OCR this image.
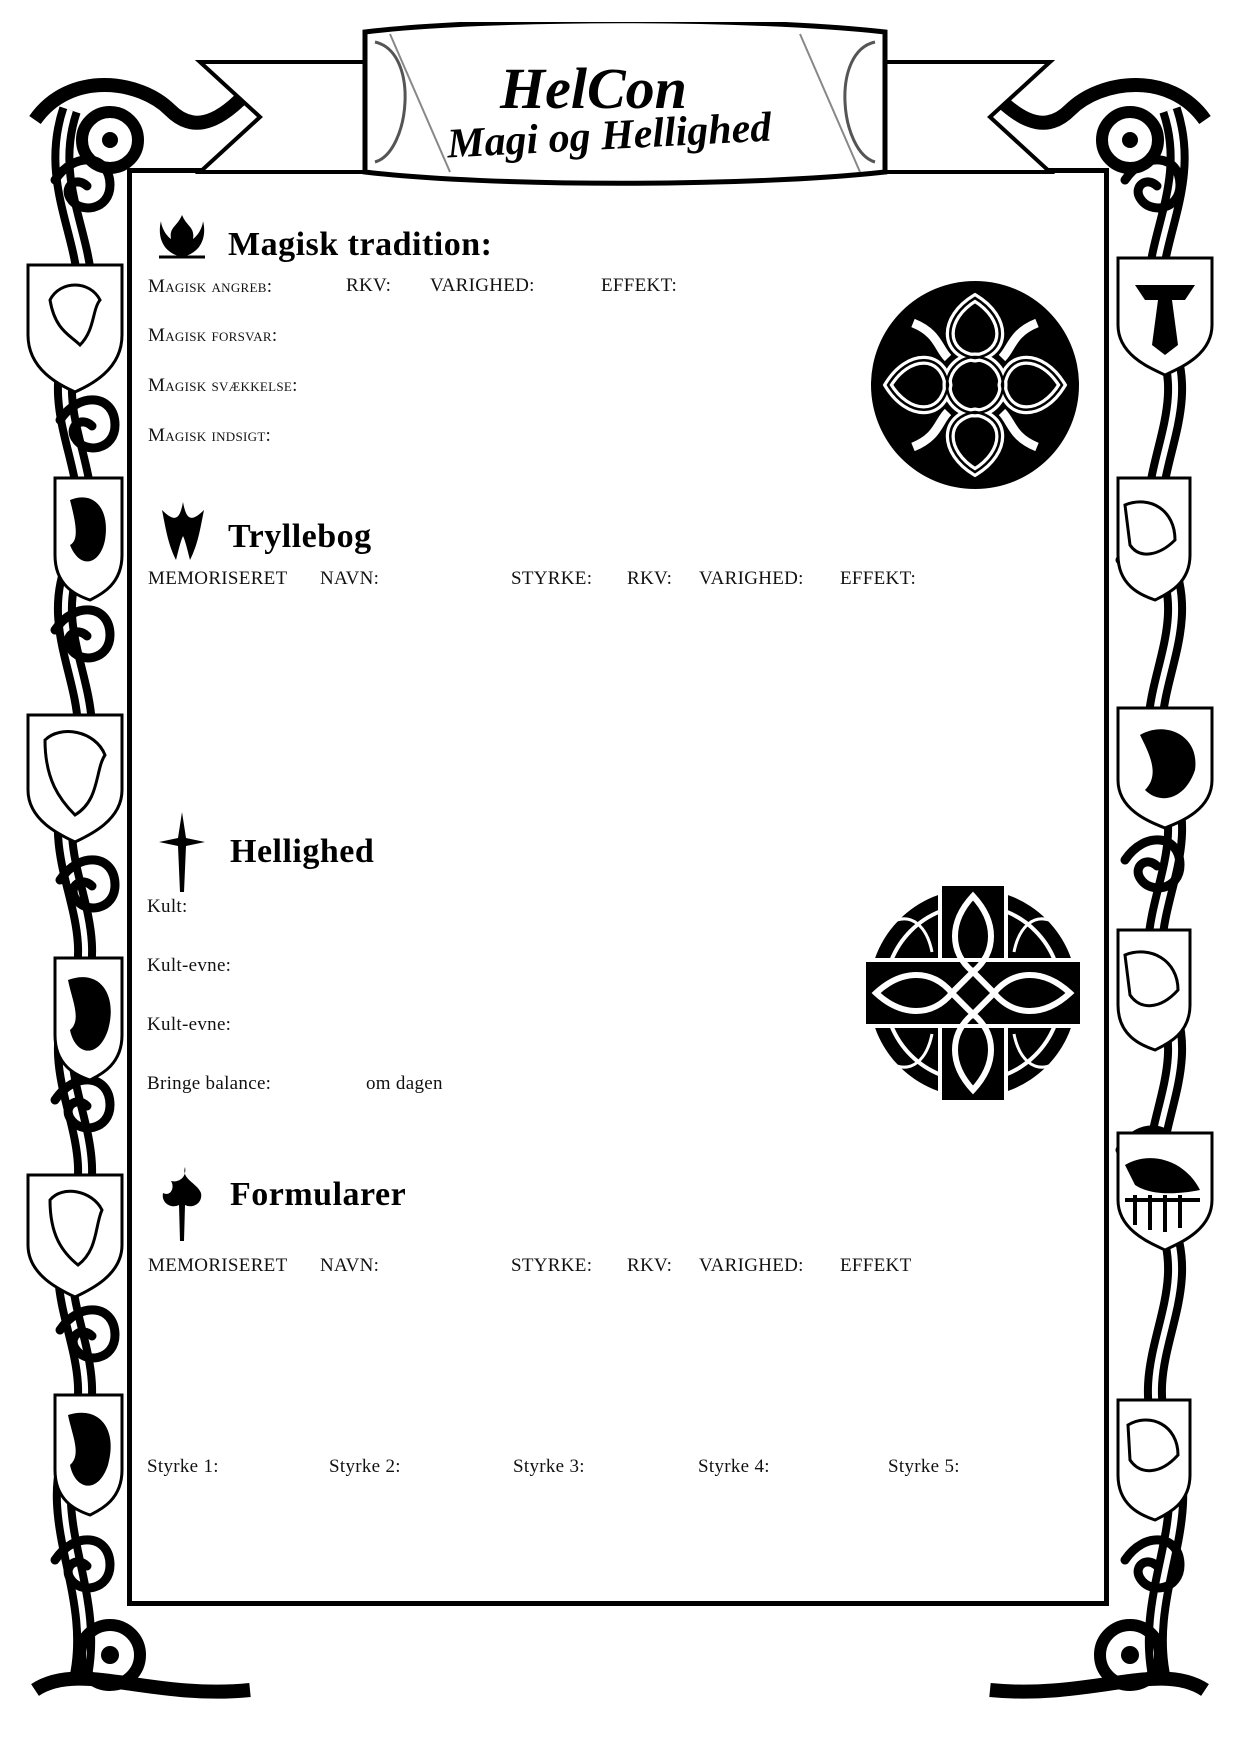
HelCon
Magi og Hellighed
Magisk tradition:
Magisk angreb:	RKV: VARIGHED:	EFFEKT:
Magisk forsvar:
Magisk svækkelse:
Magisk indsigt:
Tryllebog
MEMORISERET NAVN:	STYRKE: RKV: VARIGHED: EFFEKT:
Hellighed
Kult:
Kult-evne:
Kult-evne:
Bringe balance:	om dagen
Formularer
MEMORISERET NAVN:	STYRKE: RKV: VARIGHED: EFFEKT
Styrke 1:	Styrke 2:	Styrke 3:	Styrke 4:	Styrke 5:
